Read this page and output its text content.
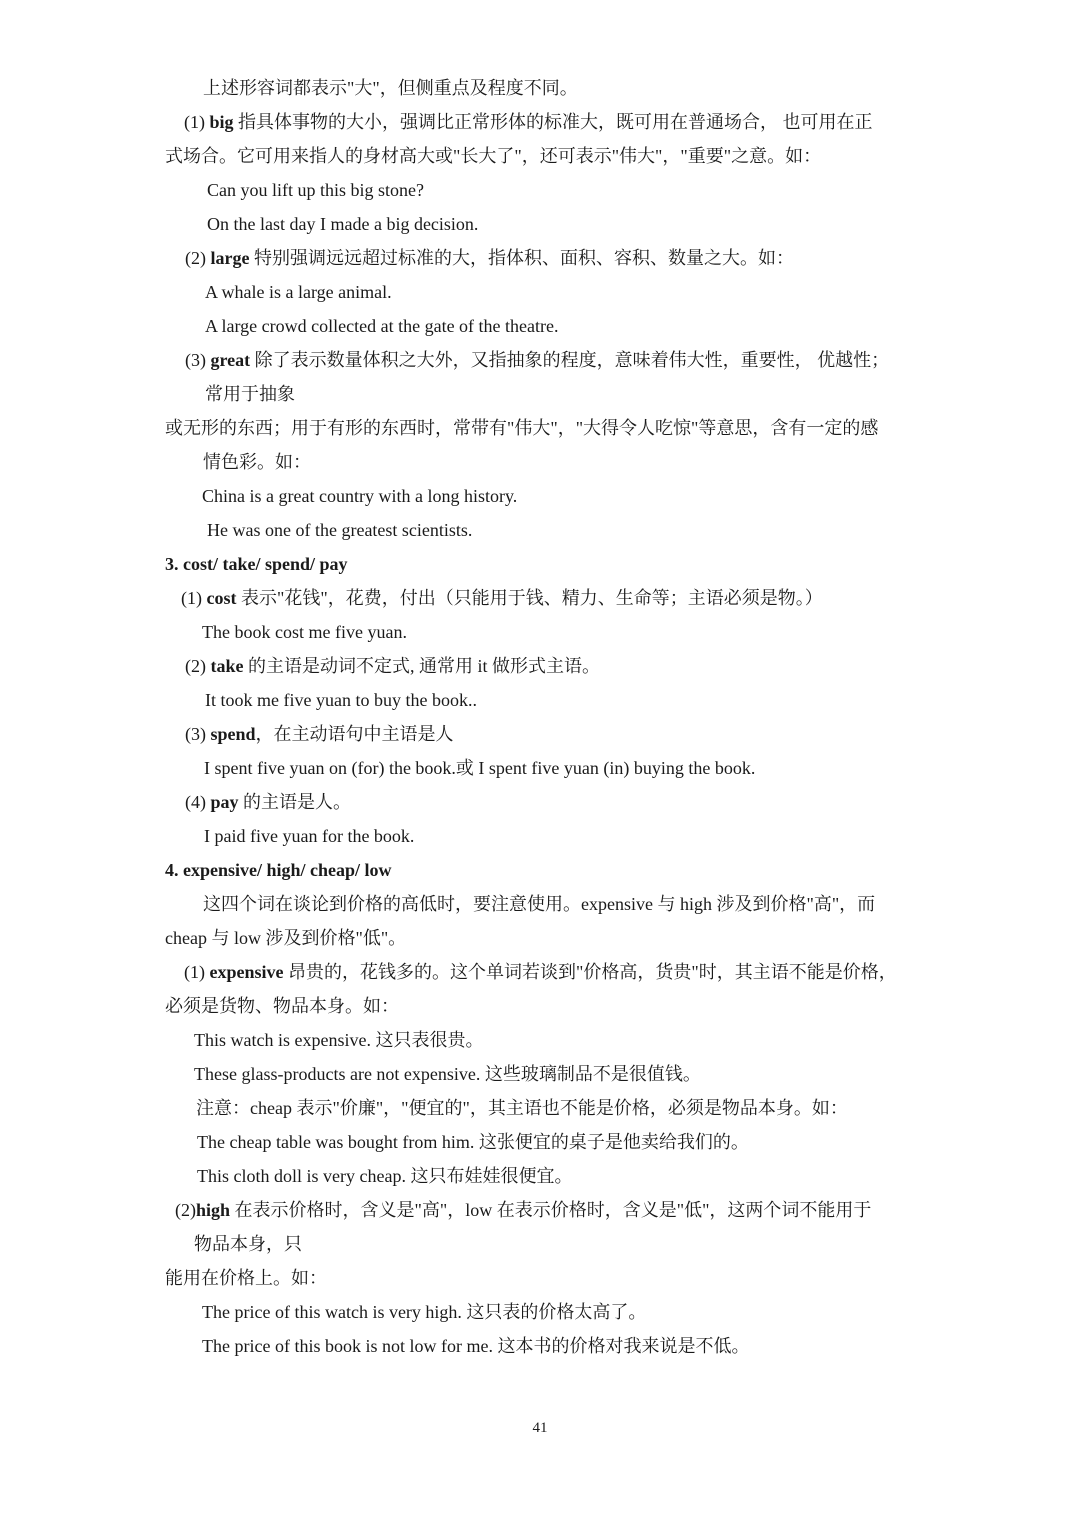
上述形容词都表示"大"，但侧重点及程度不同。
(1) big 指具体事物的大小，强调比正常形体的标准大，既可用在普通场合， 也可用在正
式场合。它可用来指人的身材高大或"长大了"，还可表示"伟大"，"重要"之意。如：
Can you lift up this big stone?
On the last day I made a big decision.
(2) large 特别强调远远超过标准的大，指体积、面积、容积、数量之大。如：
A whale is a large animal.
A large crowd collected at the gate of the theatre.
(3) great 除了表示数量体积之大外，又指抽象的程度，意味着伟大性，重要性， 优越性；
常用于抽象
或无形的东西；用于有形的东西时，常带有"伟大"，"大得令人吃惊"等意思，含有一定的感
情色彩。如：
China is a great country with a long history.
He was one of the greatest scientists.
3. cost/ take/ spend/ pay
(1) cost 表示"花钱"，花费，付出（只能用于钱、精力、生命等；主语必须是物。）
The book cost me five yuan.
(2) take 的主语是动词不定式, 通常用 it 做形式主语。
It took me five yuan to buy the book..
(3) spend，在主动语句中主语是人
I spent five yuan on (for) the book.或 I spent five yuan (in) buying the book.
(4) pay 的主语是人。
I paid five yuan for the book.
4. expensive/ high/ cheap/ low
这四个词在谈论到价格的高低时，要注意使用。expensive 与 high 涉及到价格"高"，而
cheap 与 low 涉及到价格"低"。
(1) expensive 昂贵的，花钱多的。这个单词若谈到"价格高，货贵"时，其主语不能是价格，
必须是货物、物品本身。如：
This watch is expensive. 这只表很贵。
These glass-products are not expensive. 这些玻璃制品不是很值钱。
注意：cheap 表示"价廉"，"便宜的"，其主语也不能是价格，必须是物品本身。如：
The cheap table was bought from him. 这张便宜的桌子是他卖给我们的。
This cloth doll is very cheap. 这只布娃娃很便宜。
(2)high 在表示价格时，含义是"高"，low 在表示价格时，含义是"低"，这两个词不能用于
物品本身，只
能用在价格上。如：
The price of this watch is very high. 这只表的价格太高了。
The price of this book is not low for me. 这本书的价格对我来说是不低。
41
